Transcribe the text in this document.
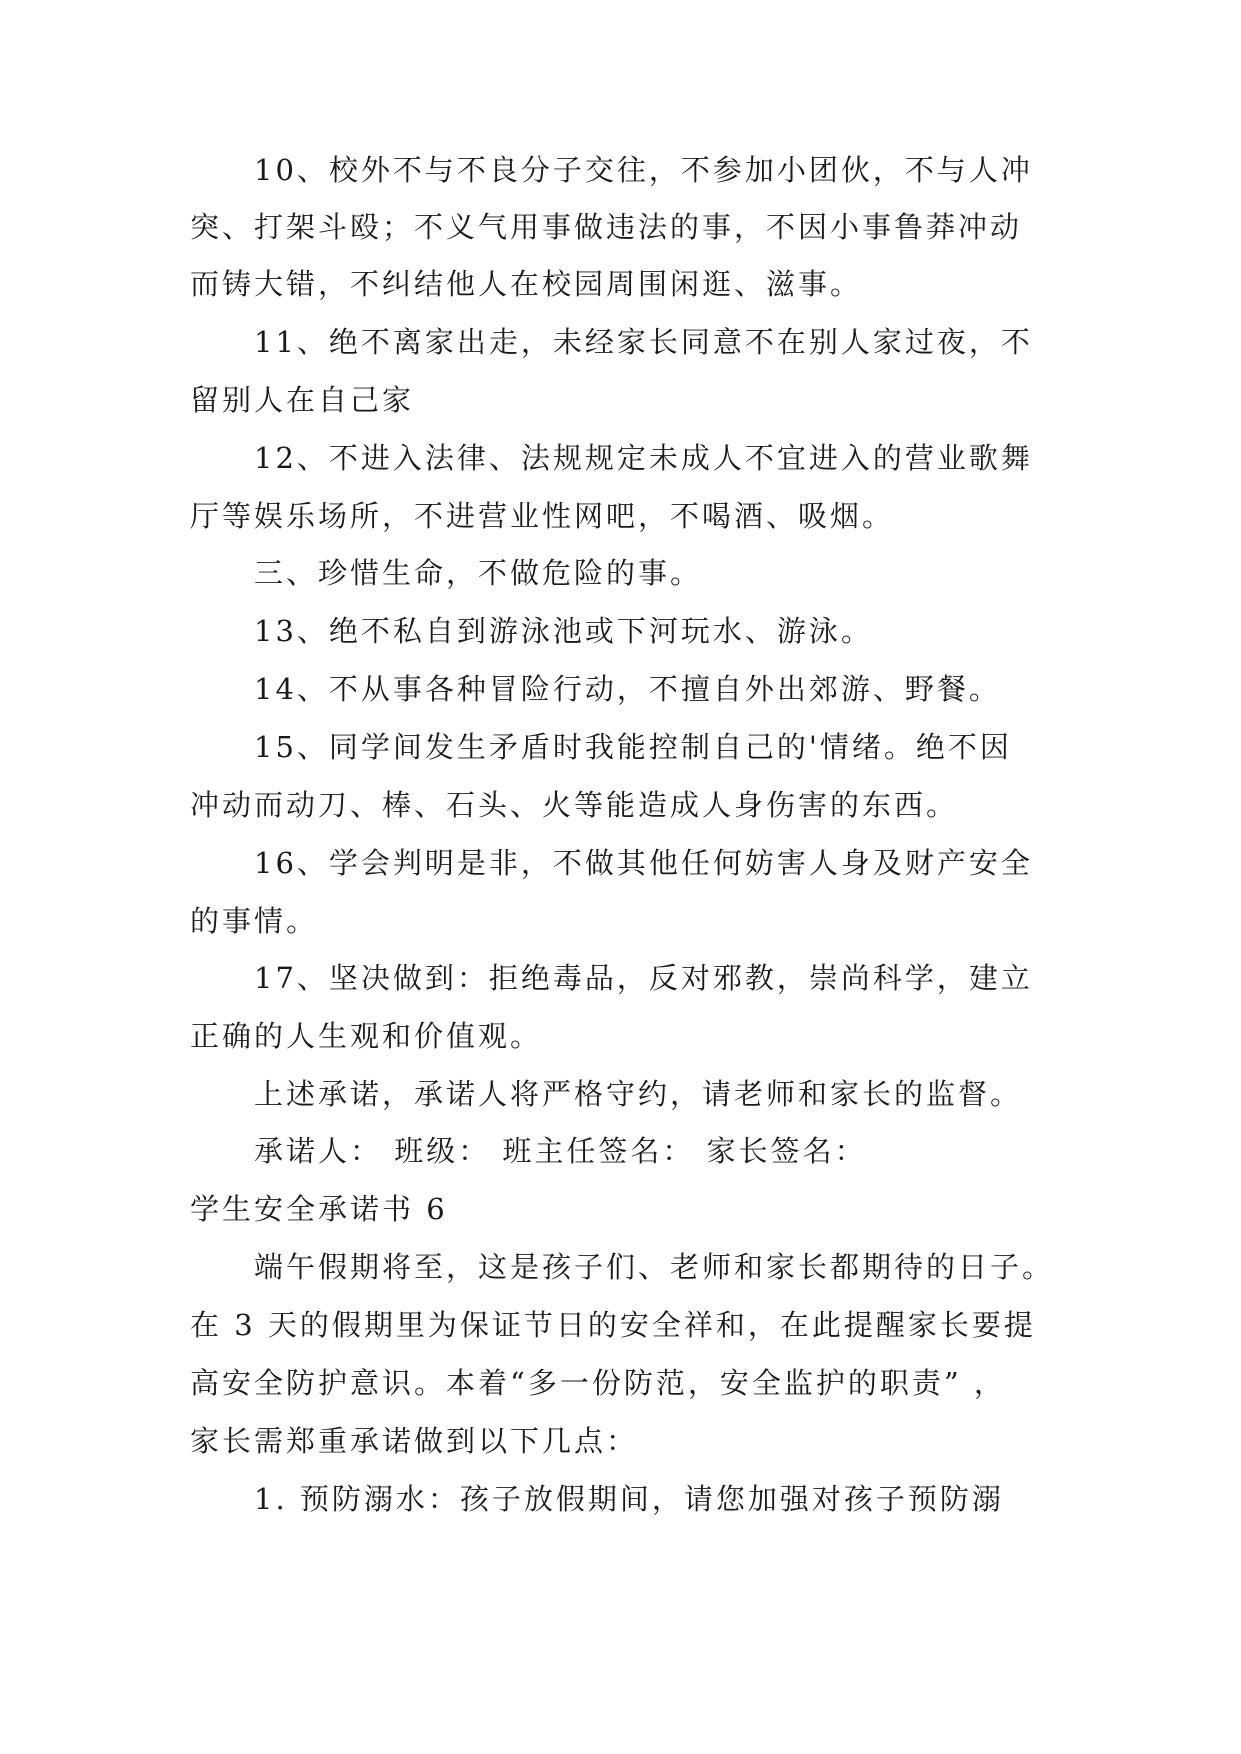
10、校外不与不良分子交往，不参加小团伙，不与人冲
突、打架斗殴；不义气用事做违法的事，不因小事鲁莽冲动
而铸大错，不纠结他人在校园周围闲逛、滋事。
11、绝不离家出走，未经家长同意不在别人家过夜，不
留别人在自己家
12、不进入法律、法规规定未成人不宜进入的营业歌舞
厅等娱乐场所，不进营业性网吧，不喝酒、吸烟。
三、珍惜生命，不做危险的事。
13、绝不私自到游泳池或下河玩水、游泳。
14、不从事各种冒险行动，不擅自外出郊游、野餐。
15、同学间发生矛盾时我能控制自己的'情绪。绝不因
冲动而动刀、棒、石头、火等能造成人身伤害的东西。
16、学会判明是非，不做其他任何妨害人身及财产安全
的事情。
17、坚决做到：拒绝毒品，反对邪教，崇尚科学，建立
正确的人生观和价值观。
上述承诺，承诺人将严格守约，请老师和家长的监督。
承诺人： 班级： 班主任签名： 家长签名：
学生安全承诺书 6
端午假期将至，这是孩子们、老师和家长都期待的日子。
在 3 天的假期里为保证节日的安全祥和，在此提醒家长要提
高安全防护意识。本着“多一份防范，安全监护的职责” ，
家长需郑重承诺做到以下几点：
1. 预防溺水：孩子放假期间，请您加强对孩子预防溺
